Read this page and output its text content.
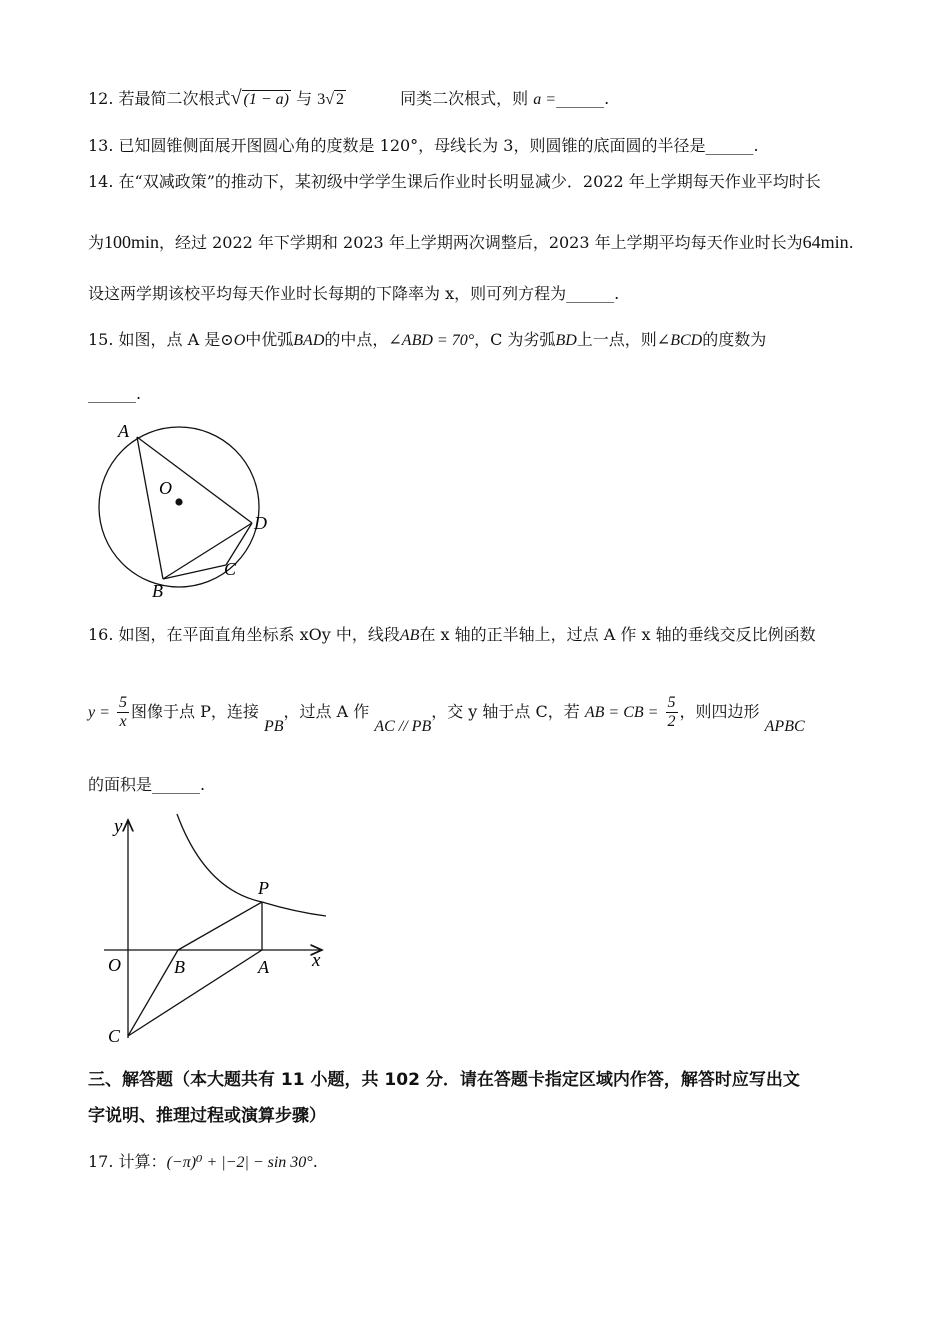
12. 若最简二次根式√ (1 − a) 与 3√ 2	同类二次根式，则 a =______.
13. 已知圆锥侧面展开图圆心角的度数是 120°，母线长为 3，则圆锥的底面圆的半径是______.
14. 在“双减政策”的推动下，某初级中学学生课后作业时长明显减少．2022 年上学期每天作业平均时长
为100min，经过 2022 年下学期和 2023 年上学期两次调整后，2023 年上学期平均每天作业时长为64min.
设这两学期该校平均每天作业时长每期的下降率为 x，则可列方程为______.
15. 如图，点 A 是⊙O中优弧BAD的中点，∠ABD = 70°，C 为劣弧BD上一点，则∠BCD的度数为
______.
A
O
D
C
B
16. 如图，在平面直角坐标系 xOy 中，线段AB在 x 轴的正半轴上，过点 A 作 x 轴的垂线交反比例函数
$y = \frac{5}{x}$ 图像于点 P，连接 PB，过点 A 作 AC // PB，交 y 轴于点 C，若 AB = CB = $\frac{5}{2}$ ，则四边形 APBC
的面积是______.
y
P
O	B	A x
C
三、解答题（本大题共有 11 小题，共 102 分．请在答题卡指定区域内作答，解答时应写出文
字说明、推理过程或演算步骤）
17. 计算：(−π)⁰ + |−2| − sin 30°.
